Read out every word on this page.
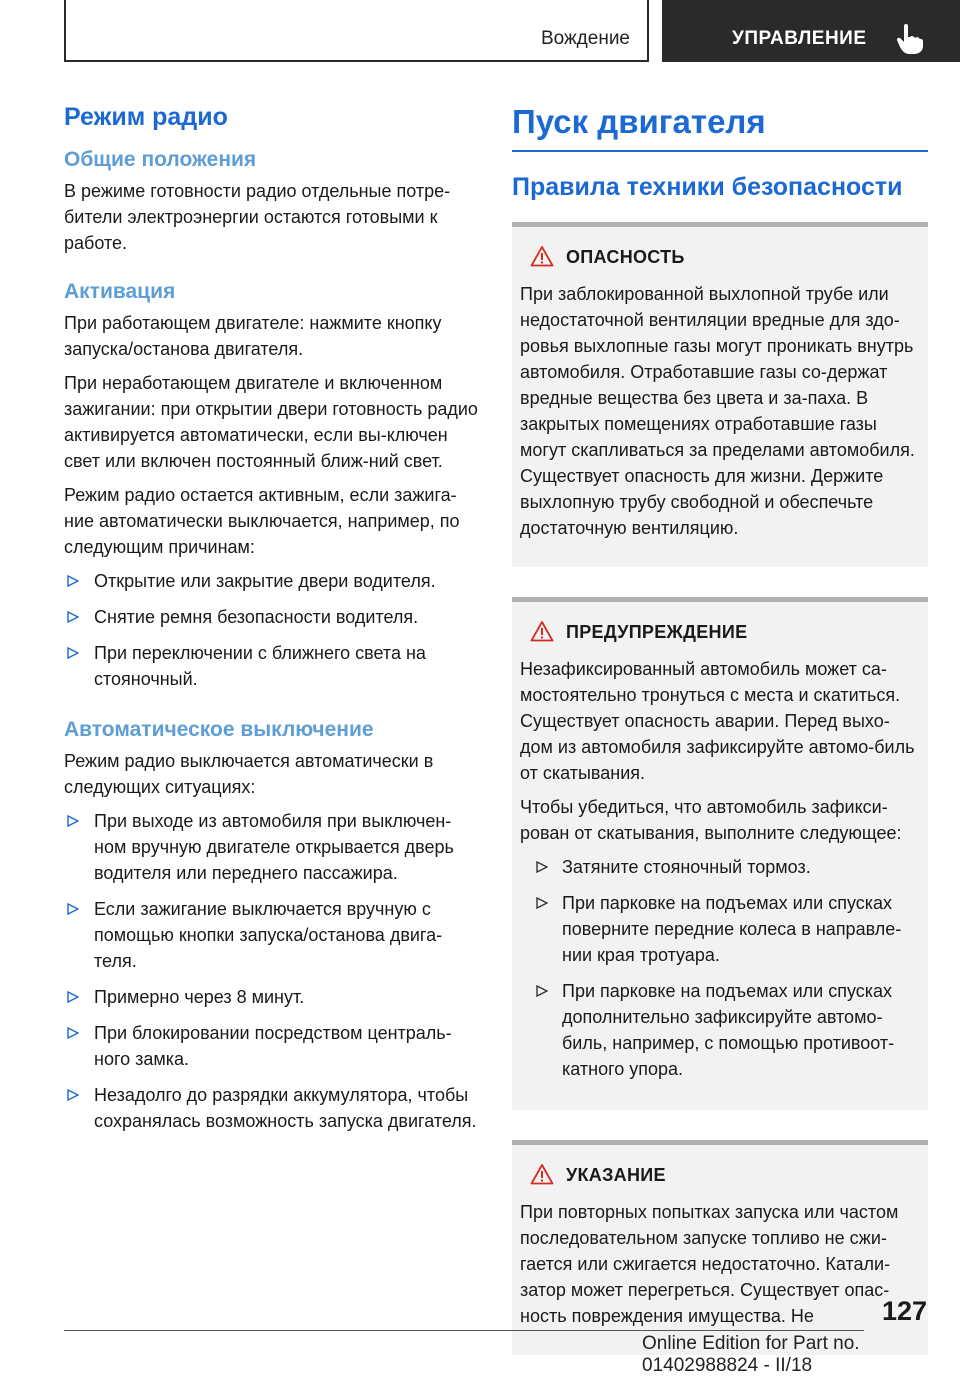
Вождение	УПРАВЛЕНИЕ
Режим радио
Общие положения
В режиме готовности радио отдельные потре-бители электроэнергии остаются готовыми к работе.
Активация
При работающем двигателе: нажмите кнопку запуска/останова двигателя.
При неработающем двигателе и включенном зажигании: при открытии двери готовность радио активируется автоматически, если вы-ключен свет или включен постоянный ближ-ний свет.
Режим радио остается активным, если зажига-ние автоматически выключается, например, по следующим причинам:
Открытие или закрытие двери водителя.
Снятие ремня безопасности водителя.
При переключении с ближнего света на стояночный.
Автоматическое выключение
Режим радио выключается автоматически в следующих ситуациях:
При выходе из автомобиля при выключен-ном вручную двигателе открывается дверь водителя или переднего пассажира.
Если зажигание выключается вручную с помощью кнопки запуска/останова двига-теля.
Примерно через 8 минут.
При блокировании посредством централь-ного замка.
Незадолго до разрядки аккумулятора, чтобы сохранялась возможность запуска двигателя.
Пуск двигателя
Правила техники безопасности
ОПАСНОСТЬ
При заблокированной выхлопной трубе или недостаточной вентиляции вредные для здо-ровья выхлопные газы могут проникать внутрь автомобиля. Отработавшие газы со-держат вредные вещества без цвета и за-паха. В закрытых помещениях отработавшие газы могут скапливаться за пределами автомобиля. Существует опасность для жизни. Держите выхлопную трубу свободной и обеспечьте достаточную вентиляцию.
ПРЕДУПРЕЖДЕНИЕ
Незафиксированный автомобиль может са-мостоятельно тронуться с места и скатиться. Существует опасность аварии. Перед выхо-дом из автомобиля зафиксируйте автомо-биль от скатывания.
Чтобы убедиться, что автомобиль зафикси-рован от скатывания, выполните следующее:
Затяните стояночный тормоз.
При парковке на подъемах или спусках поверните передние колеса в направле-нии края тротуара.
При парковке на подъемах или спусках дополнительно зафиксируйте автомо-биль, например, с помощью противоот-катного упора.
УКАЗАНИЕ
При повторных попытках запуска или частом последовательном запуске топливо не сжи-гается или сжигается недостаточно. Катали-затор может перегреться. Существует опас-ность повреждения имущества. Не	127
Online Edition for Part no. 01402988824 - II/18
